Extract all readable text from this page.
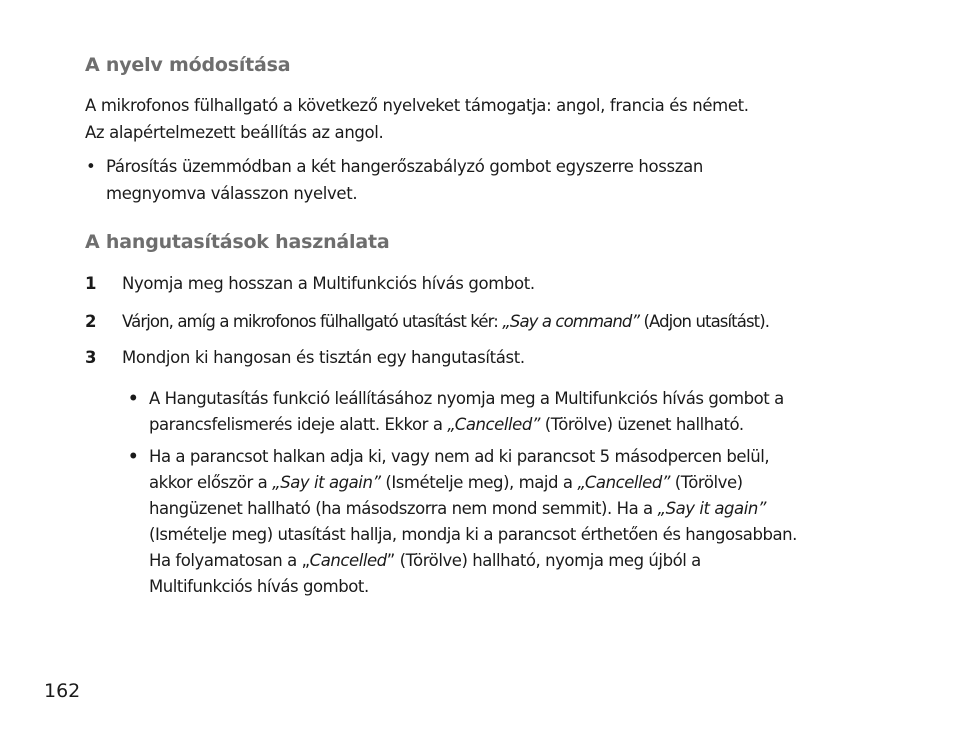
A nyelv módosítása

A mikrofonos fülhallgató a következő nyelveket támogatja: angol, francia és német.
Az alapértelmezett beállítás az angol.

• Párosítás üzemmódban a két hangerőszabályzó gombot egyszerre hosszan
megnyomva válasszon nyelvet.

A hangutasítások használata
1 Nyomja meg hosszan a Multifunkciós hívás gombot.
2 Várjon, amíg a mikrofonos fülhallgató utasítást kér: „Say a command” (Adjon utasítást).
3 Mondjon ki hangosan és tisztán egy hangutasítást.

• A Hangutasítás funkció leállításához nyomja meg a Multifunkciós hívás gombot a
parancsfelismerés ideje alatt. Ekkor a „Cancelled” (Törölve) üzenet hallható.

• Ha a parancsot halkan adja ki, vagy nem ad ki parancsot 5 másodpercen belül,
akkor először a „Say it again” (Ismételje meg), majd a „Cancelled” (Törölve)
hangüzenet hallható (ha másodszorra nem mond semmit). Ha a „Say it again”
(Ismételje meg) utasítást hallja, mondja ki a parancsot érthetően és hangosabban.
Ha folyamatosan a „Cancelled” (Törölve) hallható, nyomja meg újból a
Multifunkciós hívás gombot.

162
